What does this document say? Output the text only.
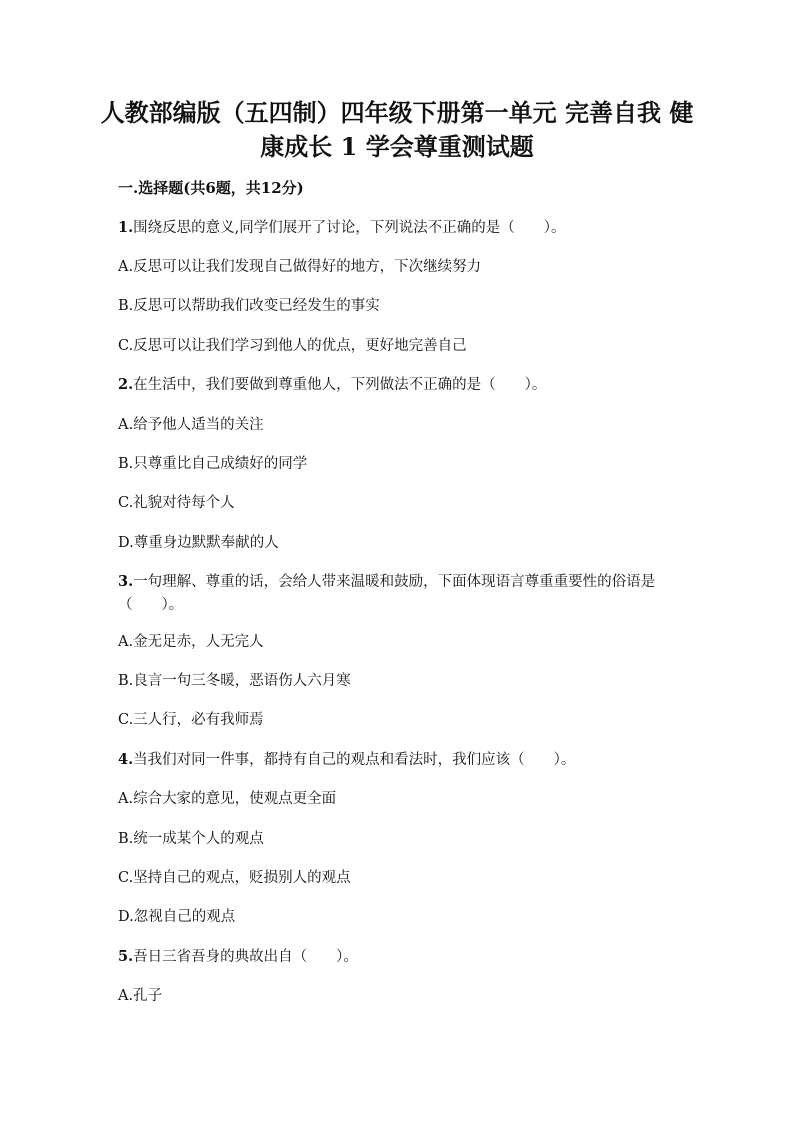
人教部编版（五四制）四年级下册第一单元 完善自我 健康成长 1 学会尊重测试题
一.选择题(共6题，共12分)
1.围绕反思的意义,同学们展开了讨论，下列说法不正确的是（　　）。
A.反思可以让我们发现自己做得好的地方，下次继续努力
B.反思可以帮助我们改变已经发生的事实
C.反思可以让我们学习到他人的优点，更好地完善自己
2.在生活中，我们要做到尊重他人，下列做法不正确的是（　　）。
A.给予他人适当的关注
B.只尊重比自己成绩好的同学
C.礼貌对待每个人
D.尊重身边默默奉献的人
3.一句理解、尊重的话，会给人带来温暖和鼓励，下面体现语言尊重重要性的俗语是（　　）。
A.金无足赤，人无完人
B.良言一句三冬暖，恶语伤人六月寒
C.三人行，必有我师焉
4.当我们对同一件事，都持有自己的观点和看法时，我们应该（　　）。
A.综合大家的意见，使观点更全面
B.统一成某个人的观点
C.坚持自己的观点，贬损别人的观点
D.忽视自己的观点
5.吾日三省吾身的典故出自（　　）。
A.孔子
